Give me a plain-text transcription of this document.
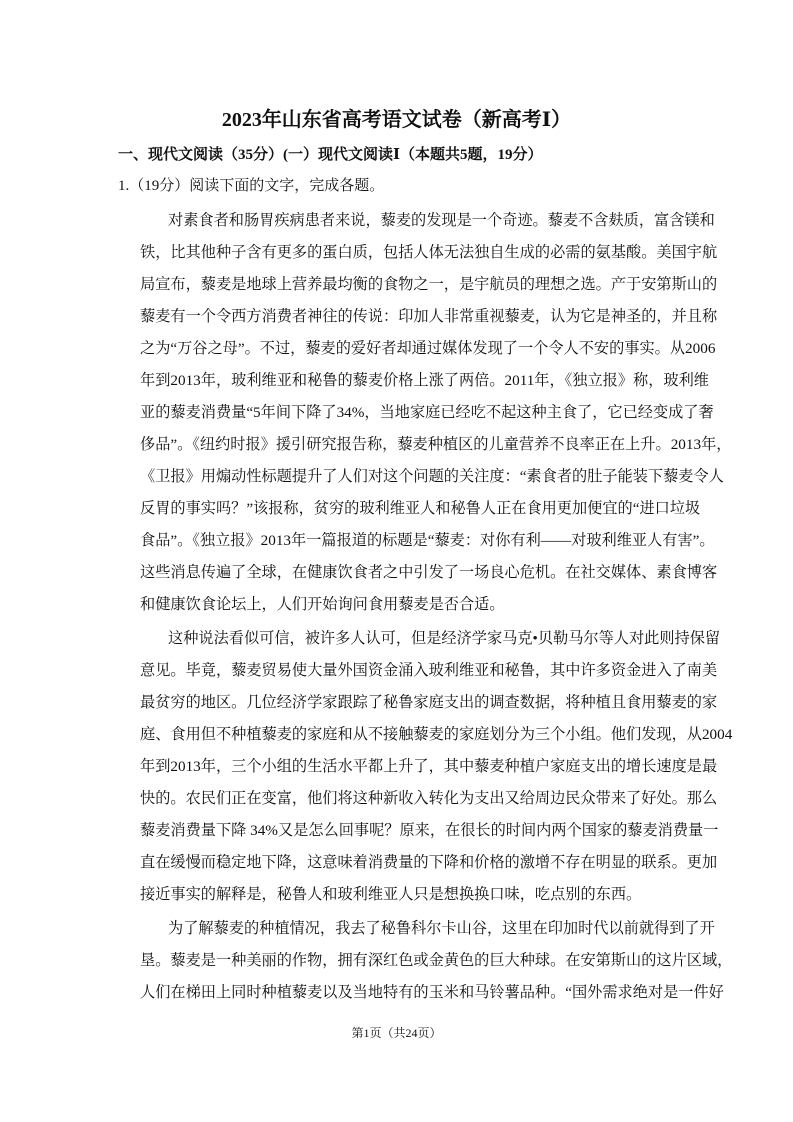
2023年山东省高考语文试卷（新高考Ⅰ）
一、现代文阅读（35分）(一）现代文阅读Ⅰ（本题共5题，19分）
1.（19分）阅读下面的文字，完成各题。
对素食者和肠胃疾病患者来说，藜麦的发现是一个奇迹。藜麦不含麸质，富含镁和
铁，比其他种子含有更多的蛋白质，包括人体无法独自生成的必需的氨基酸。美国宇航
局宣布，藜麦是地球上营养最均衡的食物之一，是宇航员的理想之选。产于安第斯山的
藜麦有一个令西方消费者神往的传说：印加人非常重视藜麦，认为它是神圣的，并且称
之为“万谷之母”。不过，藜麦的爱好者却通过媒体发现了一个令人不安的事实。从2006
年到2013年，玻利维亚和秘鲁的藜麦价格上涨了两倍。2011年，《独立报》称，玻利维
亚的藜麦消费量“5年间下降了34%，当地家庭已经吃不起这种主食了，它已经变成了奢
侈品”。《纽约时报》援引研究报告称，藜麦种植区的儿童营养不良率正在上升。2013年，
《卫报》用煽动性标题提升了人们对这个问题的关注度：“素食者的肚子能装下藜麦令人
反胃的事实吗？”该报称，贫穷的玻利维亚人和秘鲁人正在食用更加便宜的“进口垃圾
食品”。《独立报》2013年一篇报道的标题是“藜麦：对你有利——对玻利维亚人有害”。
这些消息传遍了全球，在健康饮食者之中引发了一场良心危机。在社交媒体、素食博客
和健康饮食论坛上，人们开始询问食用藜麦是否合适。
这种说法看似可信，被许多人认可，但是经济学家马克•贝勒马尔等人对此则持保留
意见。毕竟，藜麦贸易使大量外国资金涌入玻利维亚和秘鲁，其中许多资金进入了南美
最贫穷的地区。几位经济学家跟踪了秘鲁家庭支出的调查数据，将种植且食用藜麦的家
庭、食用但不种植藜麦的家庭和从不接触藜麦的家庭划分为三个小组。他们发现，从2004
年到2013年，三个小组的生活水平都上升了，其中藜麦种植户家庭支出的增长速度是最
快的。农民们正在变富，他们将这种新收入转化为支出又给周边民众带来了好处。那么
藜麦消费量下降 34%又是怎么回事呢？原来，在很长的时间内两个国家的藜麦消费量一
直在缓慢而稳定地下降，这意味着消费量的下降和价格的激增不存在明显的联系。更加
接近事实的解释是，秘鲁人和玻利维亚人只是想换换口味，吃点别的东西。
为了解藜麦的种植情况，我去了秘鲁科尔卡山谷，这里在印加时代以前就得到了开
垦。藜麦是一种美丽的作物，拥有深红色或金黄色的巨大种球。在安第斯山的这片区域，
人们在梯田上同时种植藜麦以及当地特有的玉米和马铃薯品种。“国外需求绝对是一件好
第1页（共24页）
